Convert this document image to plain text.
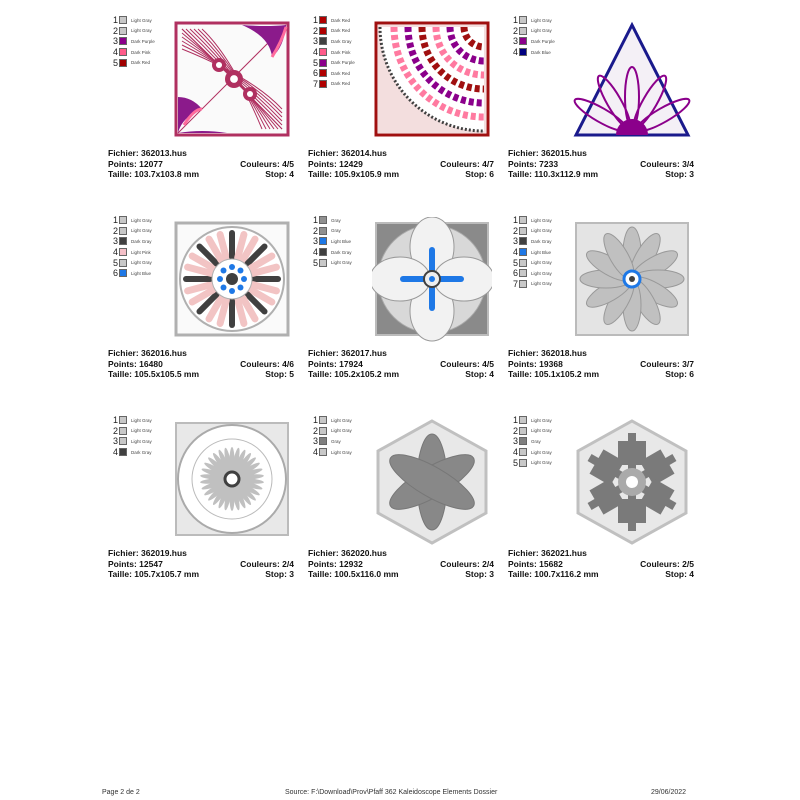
1	Light Gray
2	Light Gray
3	Dark Purple
4	Dark Pink
5	Dark Red
Fichier: 362013.hus
Points: 12077	Couleurs: 4/5
Taille: 103.7x103.8 mm	Stop: 4
1	Dark Red
2	Dark Red
3	Dark Gray
4	Dark Pink
5	Dark Purple
6	Dark Red
7	Dark Red
Fichier: 362014.hus
Points: 12429	Couleurs: 4/7
Taille: 105.9x105.9 mm	Stop: 6
1	Light Gray
2	Light Gray
3	Dark Purple
4	Dark Blue
Fichier: 362015.hus
Points: 7233	Couleurs: 3/4
Taille: 110.3x112.9 mm	Stop: 3
1	Light Gray
2	Light Gray
3	Dark Gray
4	Light Pink
5	Light Gray
6	Light Blue
Fichier: 362016.hus
Points: 16480	Couleurs: 4/6
Taille: 105.5x105.5 mm	Stop: 5
1	Gray
2	Gray
3	Light Blue
4	Dark Gray
5	Light Gray
Fichier: 362017.hus
Points: 17924	Couleurs: 4/5
Taille: 105.2x105.2 mm	Stop: 4
1	Light Gray
2	Light Gray
3	Dark Gray
4	Light Blue
5	Light Gray
6	Light Gray
7	Light Gray
Fichier: 362018.hus
Points: 19368	Couleurs: 3/7
Taille: 105.1x105.2 mm	Stop: 6
1	Light Gray
2	Light Gray
3	Light Gray
4	Dark Gray
Fichier: 362019.hus
Points: 12547	Couleurs: 2/4
Taille: 105.7x105.7 mm	Stop: 3
1	Light Gray
2	Light Gray
3	Gray
4	Light Gray
Fichier: 362020.hus
Points: 12932	Couleurs: 2/4
Taille: 100.5x116.0 mm	Stop: 3
1	Light Gray
2	Light Gray
3	Gray
4	Light Gray
5	Light Gray
Fichier: 362021.hus
Points: 15682	Couleurs: 2/5
Taille: 100.7x116.2 mm	Stop: 4
Page 2 de 2	Source: F:\Download\Prov\Pfaff 362 Kaleidoscope Elements Dossier	29/06/2022
